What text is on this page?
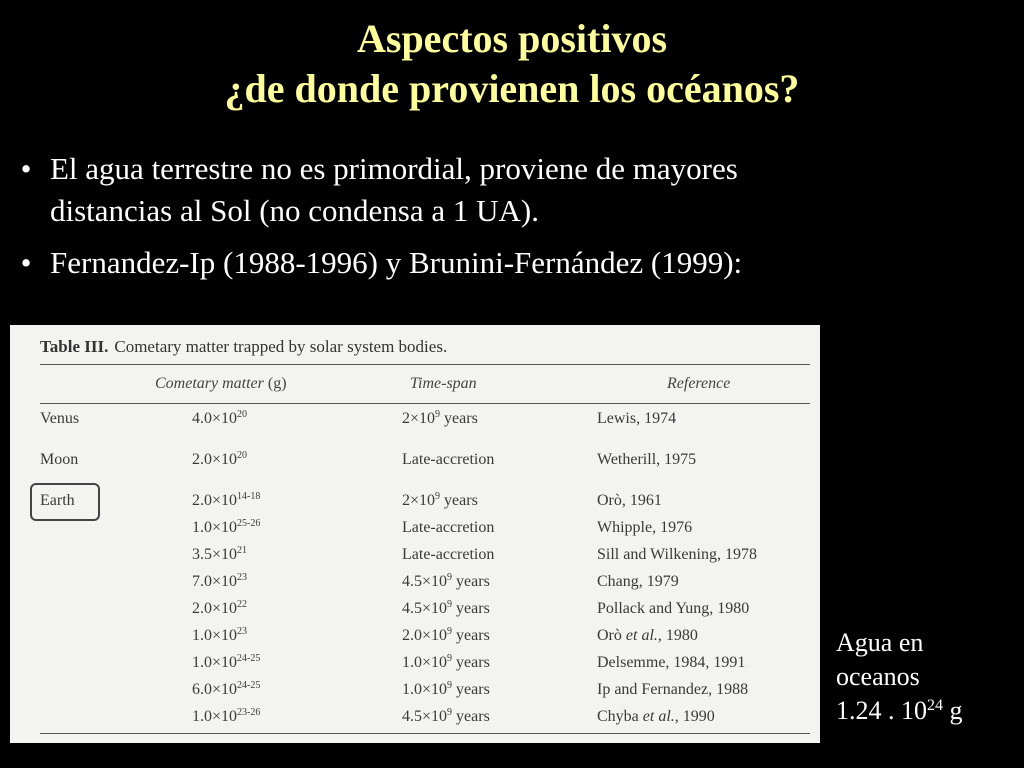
Aspectos positivos
¿de donde provienen los océanos?
• El agua terrestre no es primordial, proviene de mayores
distancias al Sol (no condensa a 1 UA).
• Fernandez-Ip (1988-1996) y Brunini-Fernández (1999):
Table III. Cometary matter trapped by solar system bodies.
Cometary matter (g)	Time-span	Reference
Venus	$4.0\times 10^{20}$	$2\times 10^9$ years	Lewis, 1974
Moon	$2.0\times 10^{20}$	Late-accretion	Wetherill, 1975
Earth	$2.0\times 10^{14-18}$	$2\times 10^9$ years	Orò, 1961
$1.0\times 10^{25-26}$	Late-accretion	Whipple, 1976
$3.5\times 10^{21}$	Late-accretion	Sill and Wilkening, 1978
$7.0\times 10^{23}$	$4.5\times 10^9$ years	Chang, 1979
$2.0\times 10^{22}$	$4.5\times 10^9$ years	Pollack and Yung, 1980
$1.0\times 10^{23}$	$2.0\times 10^9$ years	Orò et al., 1980
$1.0\times 10^{24-25}$	$1.0\times 10^9$ years	Delsemme, 1984, 1991
$6.0\times 10^{24-25}$	$1.0\times 10^9$ years	Ip and Fernandez, 1988
$1.0\times 10^{23-26}$	$4.5\times 10^9$ years	Chyba et al., 1990
Agua en
oceanos
1.24 . $10^{24}$ g
